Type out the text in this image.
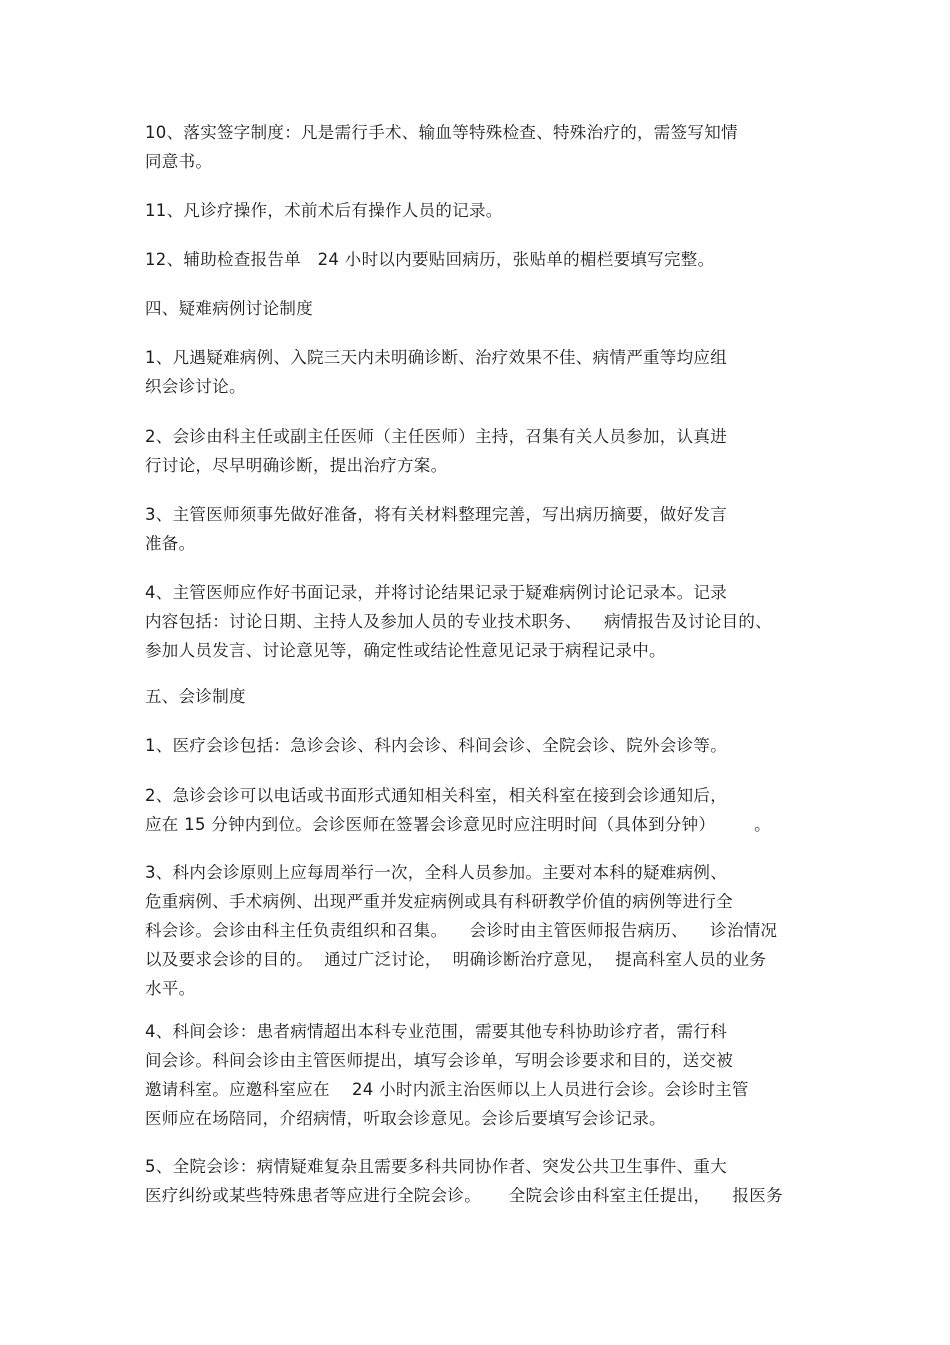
10、落实签字制度：凡是需行手术、输血等特殊检查、特殊治疗的，需签写知情
同意书。
11、凡诊疗操作，术前术后有操作人员的记录。
12、辅助检查报告单   24 小时以内要贴回病历，张贴单的楣栏要填写完整。
四、疑难病例讨论制度
1、凡遇疑难病例、入院三天内未明确诊断、治疗效果不佳、病情严重等均应组
织会诊讨论。
2、会诊由科主任或副主任医师（主任医师）主持，召集有关人员参加，认真进
行讨论，尽早明确诊断，提出治疗方案。
3、主管医师须事先做好准备，将有关材料整理完善，写出病历摘要，做好发言
准备。
4、主管医师应作好书面记录，并将讨论结果记录于疑难病例讨论记录本。记录
内容包括：讨论日期、主持人及参加人员的专业技术职务、    病情报告及讨论目的、
参加人员发言、讨论意见等，确定性或结论性意见记录于病程记录中。
五、会诊制度
1、医疗会诊包括：急诊会诊、科内会诊、科间会诊、全院会诊、院外会诊等。
2、急诊会诊可以电话或书面形式通知相关科室，相关科室在接到会诊通知后，
应在 15 分钟内到位。会诊医师在签署会诊意见时应注明时间（具体到分钟）       。
3、科内会诊原则上应每周举行一次，全科人员参加。主要对本科的疑难病例、
危重病例、手术病例、出现严重并发症病例或具有科研教学价值的病例等进行全
科会诊。会诊由科主任负责组织和召集。    会诊时由主管医师报告病历、    诊治情况
以及要求会诊的目的。  通过广泛讨论，  明确诊断治疗意见，  提高科室人员的业务
水平。
4、科间会诊：患者病情超出本科专业范围，需要其他专科协助诊疗者，需行科
间会诊。科间会诊由主管医师提出，填写会诊单，写明会诊要求和目的，送交被
邀请科室。应邀科室应在    24 小时内派主治医师以上人员进行会诊。会诊时主管
医师应在场陪同，介绍病情，听取会诊意见。会诊后要填写会诊记录。
5、全院会诊：病情疑难复杂且需要多科共同协作者、突发公共卫生事件、重大
医疗纠纷或某些特殊患者等应进行全院会诊。     全院会诊由科室主任提出，    报医务
